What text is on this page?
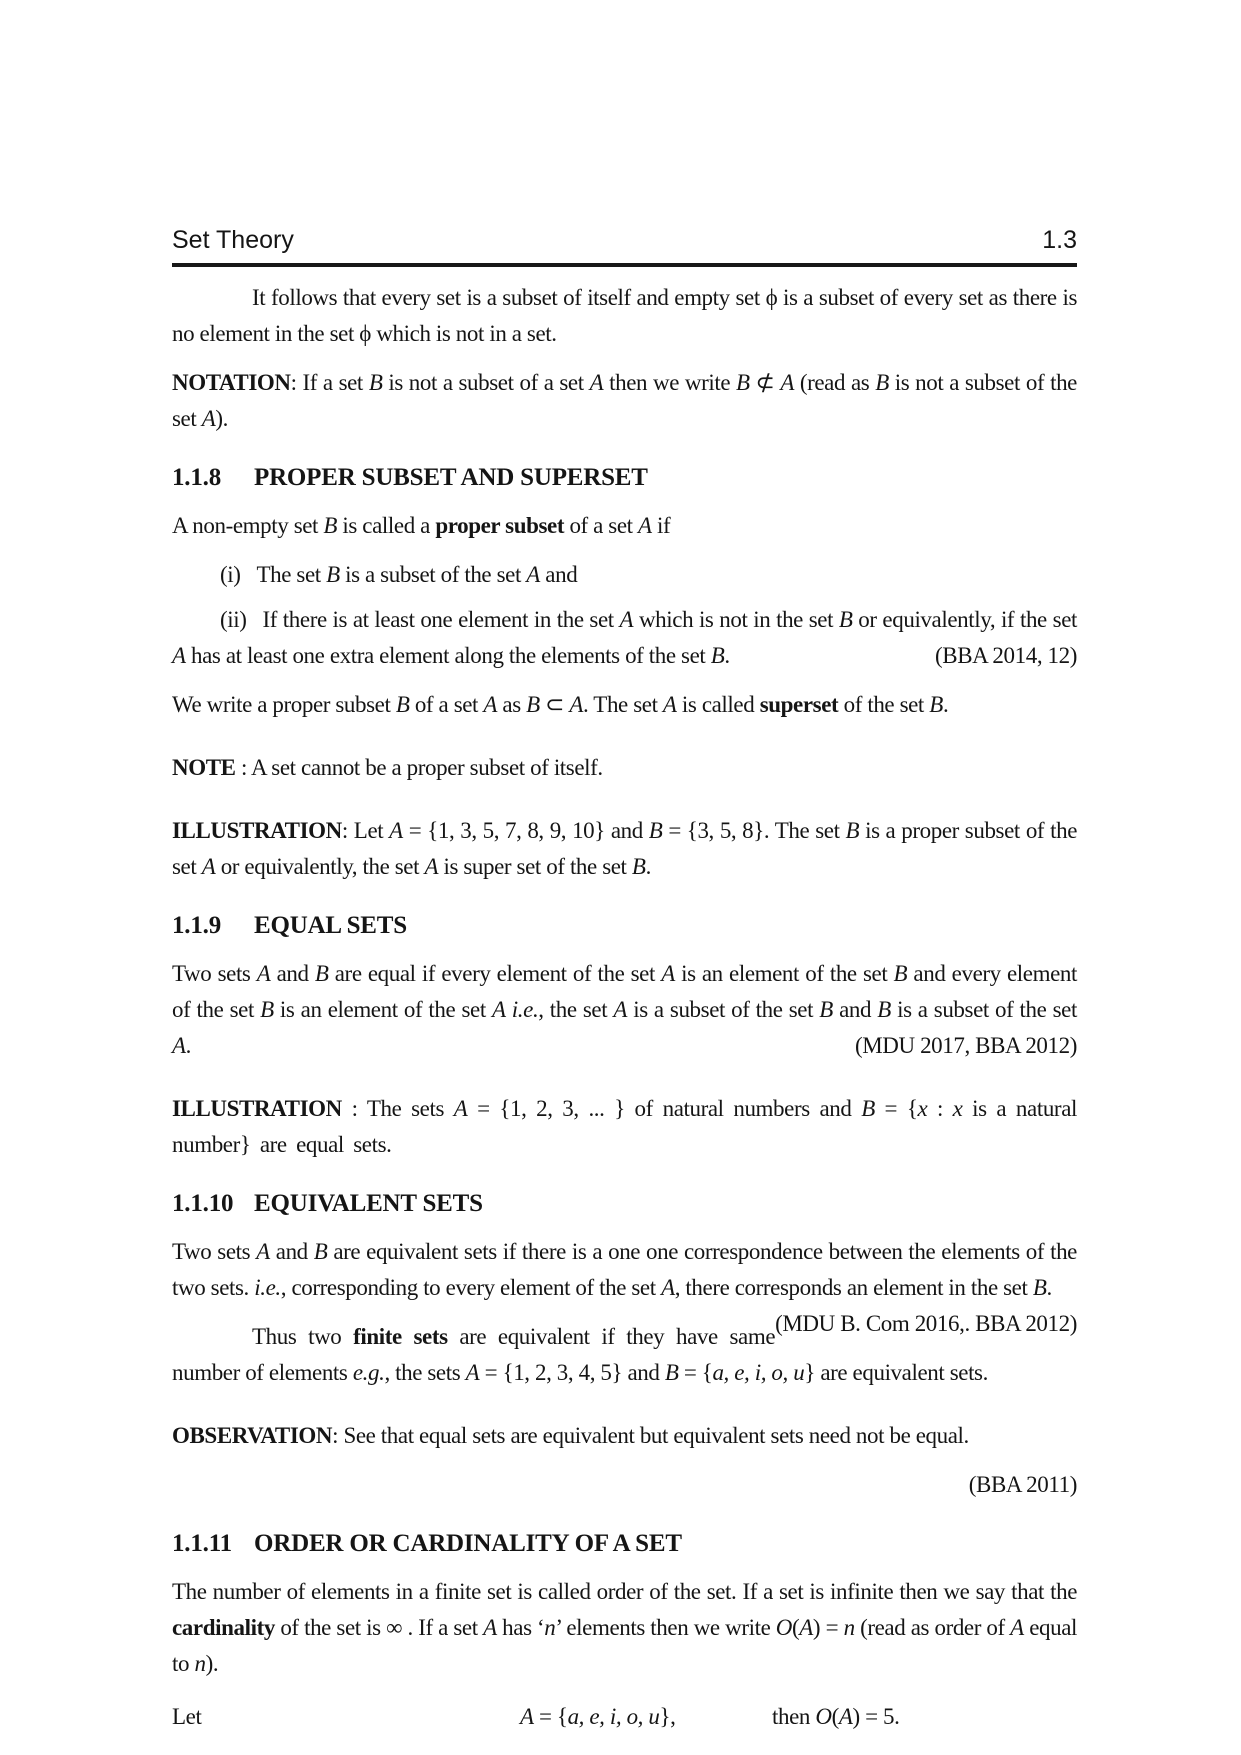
Set Theory	1.3

It follows that every set is a subset of itself and empty set ϕ is a subset of every set as there is no element in the set ϕ which is not in a set.

NOTATION: If a set B is not a subset of a set A then we write B ⊄ A (read as B is not a subset of the set A).

1.1.8 PROPER SUBSET AND SUPERSET

A non-empty set B is called a proper subset of a set A if

(i) The set B is a subset of the set A and

(ii) If there is at least one element in the set A which is not in the set B or equivalently, if the set A has at least one extra element along the elements of the set B.	(BBA 2014, 12)

We write a proper subset B of a set A as B ⊂ A. The set A is called superset of the set B.

NOTE : A set cannot be a proper subset of itself.

ILLUSTRATION: Let A = {1, 3, 5, 7, 8, 9, 10} and B = {3, 5, 8}. The set B is a proper subset of the set A or equivalently, the set A is super set of the set B.

1.1.9 EQUAL SETS

Two sets A and B are equal if every element of the set A is an element of the set B and every element of the set B is an element of the set A i.e., the set A is a subset of the set B and B is a subset of the set A.	(MDU 2017, BBA 2012)

ILLUSTRATION : The sets A = {1, 2, 3, ... } of natural numbers and B = {x : x is a natural number} are equal sets.

1.1.10 EQUIVALENT SETS

Two sets A and B are equivalent sets if there is a one one correspondence between the elements of the two sets. i.e., corresponding to every element of the set A, there corresponds an element in the set B.
(MDU B. Com 2016,. BBA 2012)

Thus two finite sets are equivalent if they have same number of elements e.g., the sets A = {1, 2, 3, 4, 5} and B = {a, e, i, o, u} are equivalent sets.

OBSERVATION: See that equal sets are equivalent but equivalent sets need not be equal.

(BBA 2011)

1.1.11 ORDER OR CARDINALITY OF A SET

The number of elements in a finite set is called order of the set. If a set is infinite then we say that the cardinality of the set is ∞ . If a set A has ‘n’ elements then we write O(A) = n (read as order of A equal to n).

Let	A = {a, e, i, o, u},	then O(A) = 5.
